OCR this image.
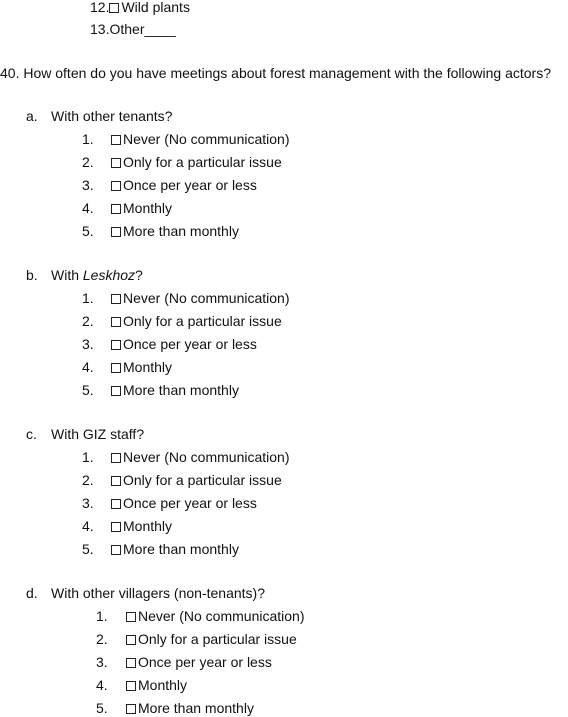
12. Wild plants
13.Other____
40. How often do you have meetings about forest management with the following actors?
a. With other tenants?
1. Never (No communication)
2. Only for a particular issue
3. Once per year or less
4. Monthly
5. More than monthly
b. With Leskhoz?
1. Never (No communication)
2. Only for a particular issue
3. Once per year or less
4. Monthly
5. More than monthly
c. With GIZ staff?
1. Never (No communication)
2. Only for a particular issue
3. Once per year or less
4. Monthly
5. More than monthly
d. With other villagers (non-tenants)?
1. Never (No communication)
2. Only for a particular issue
3. Once per year or less
4. Monthly
5. More than monthly
